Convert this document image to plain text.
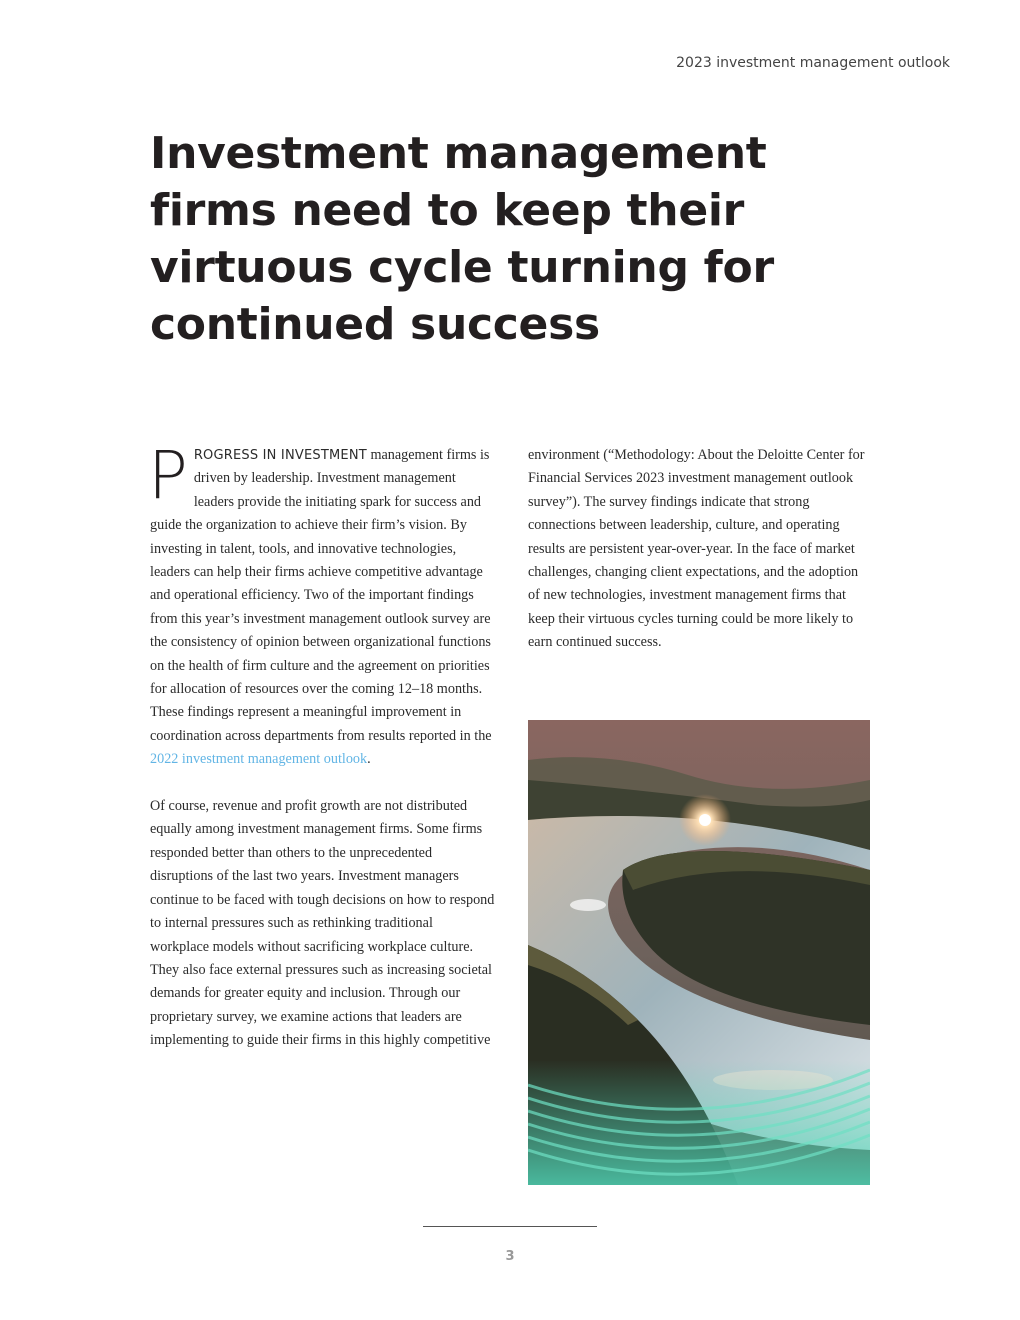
2023 investment management outlook
Investment management firms need to keep their virtuous cycle turning for continued success

PROGRESS IN INVESTMENT management firms is driven by leadership. Investment management leaders provide the initiating spark for success and guide the organization to achieve their firm’s vision. By investing in talent, tools, and innovative technologies, leaders can help their firms achieve competitive advantage and operational efficiency. Two of the important findings from this year’s investment management outlook survey are the consistency of opinion between organizational functions on the health of firm culture and the agreement on priorities for allocation of resources over the coming 12–18 months. These findings represent a meaningful improvement in coordination across departments from results reported in the 2022 investment management outlook.

Of course, revenue and profit growth are not distributed equally among investment management firms. Some firms responded better than others to the unprecedented disruptions of the last two years. Investment managers continue to be faced with tough decisions on how to respond to internal pressures such as rethinking traditional workplace models without sacrificing workplace culture. They also face external pressures such as increasing societal demands for greater equity and inclusion. Through our proprietary survey, we examine actions that leaders are implementing to guide their firms in this highly competitive

environment (“Methodology: About the Deloitte Center for Financial Services 2023 investment management outlook survey”). The survey findings indicate that strong connections between leadership, culture, and operating results are persistent year-over-year. In the face of market challenges, changing client expectations, and the adoption of new technologies, investment management firms that keep their virtuous cycles turning could be more likely to earn continued success.

3
